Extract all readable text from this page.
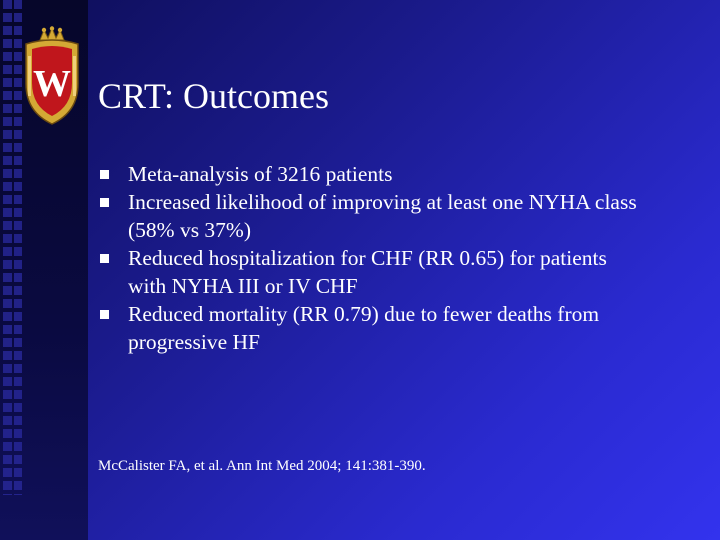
W CRT: Outcomes
Meta-analysis of 3216 patients
Increased likelihood of improving at least one NYHA class
(58% vs 37%)
Reduced hospitalization for CHF (RR 0.65) for patients
with NYHA III or IV CHF
Reduced mortality (RR 0.79) due to fewer deaths from
progressive HF
McCalister FA, et al. Ann Int Med 2004; 141:381-390.
